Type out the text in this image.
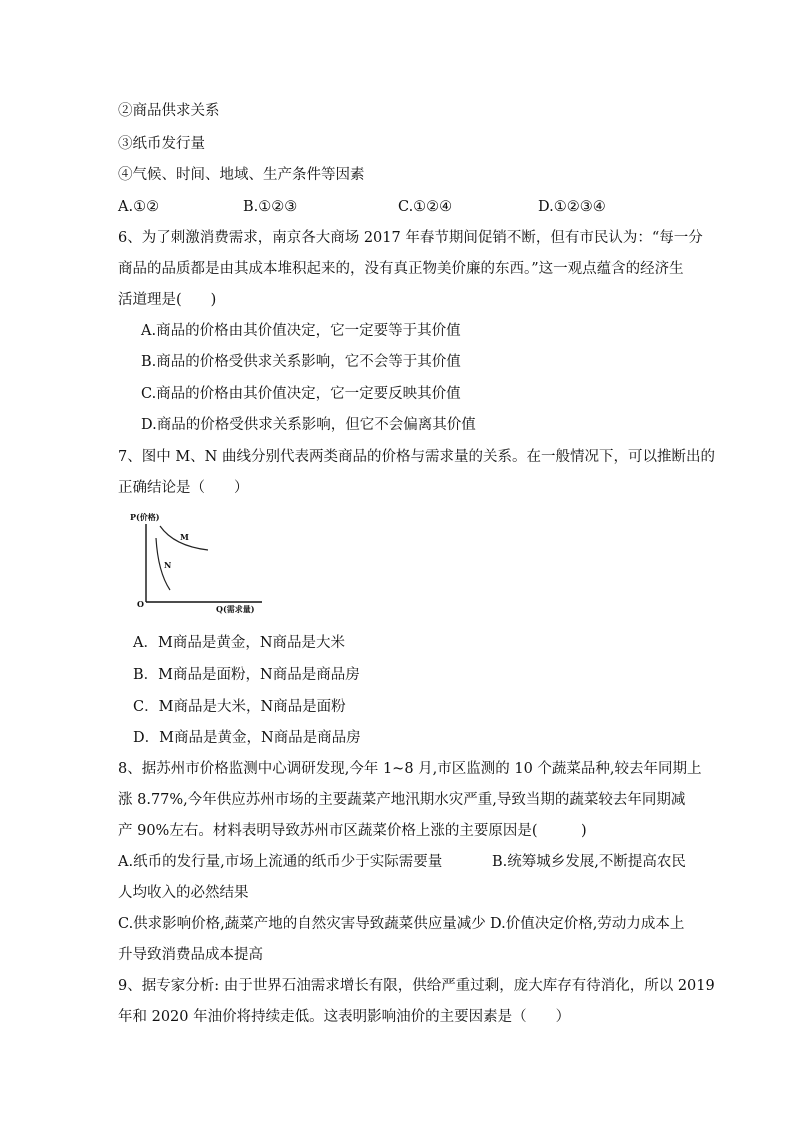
②商品供求关系
③纸币发行量
④气候、时间、地域、生产条件等因素
A.①②	B.①②③	C.①②④	D.①②③④
6、为了刺激消费需求，南京各大商场 2017 年春节期间促销不断，但有市民认为：“每一分
商品的品质都是由其成本堆积起来的，没有真正物美价廉的东西。”这一观点蕴含的经济生
活道理是(　　)
A.商品的价格由其价值决定，它一定要等于其价值
B.商品的价格受供求关系影响，它不会等于其价值
C.商品的价格由其价值决定，它一定要反映其价值
D.商品的价格受供求关系影响，但它不会偏离其价值
7、图中 M、N 曲线分别代表两类商品的价格与需求量的关系。在一般情况下，可以推断出的
正确结论是（　　）
P(价格)
O	Q(需求量)
M
N
A．M商品是黄金，N商品是大米
B．M商品是面粉，N商品是商品房
C．M商品是大米，N商品是面粉
D．M商品是黄金，N商品是商品房
8、据苏州市价格监测中心调研发现,今年 1~8 月,市区监测的 10 个蔬菜品种,较去年同期上
涨 8.77%,今年供应苏州市场的主要蔬菜产地汛期水灾严重,导致当期的蔬菜较去年同期减
产 90%左右。材料表明导致苏州市区蔬菜价格上涨的主要原因是(　　　)
A.纸币的发行量,市场上流通的纸币少于实际需要量	B.统筹城乡发展,不断提高农民
人均收入的必然结果
C.供求影响价格,蔬菜产地的自然灾害导致蔬菜供应量减少 D.价值决定价格,劳动力成本上
升导致消费品成本提高
9、据专家分析: 由于世界石油需求增长有限，供给严重过剩，庞大库存有待消化，所以 2019
年和 2020 年油价将持续走低。这表明影响油价的主要因素是（　　）
